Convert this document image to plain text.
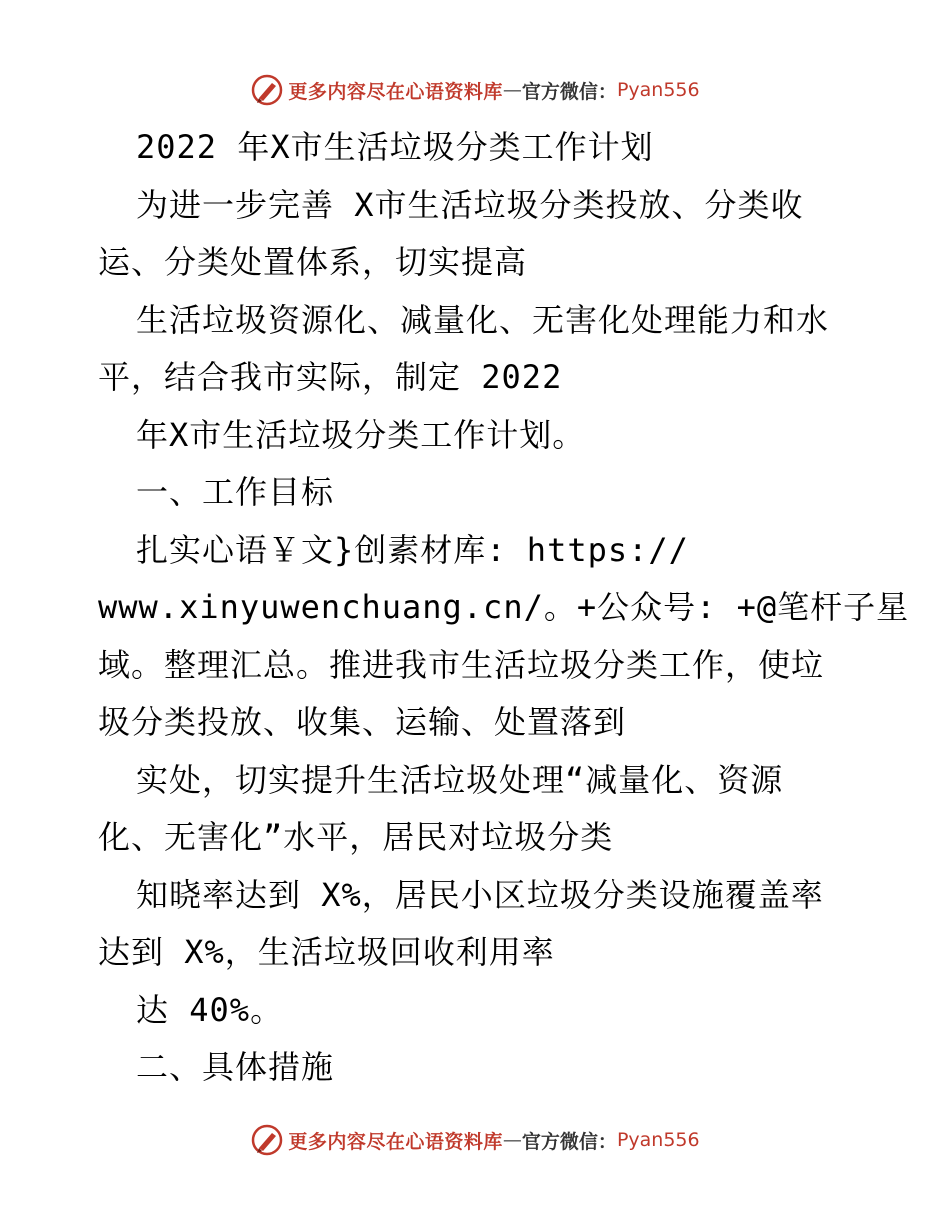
更多内容尽在心语资料库 — 官方微信： Pyan556
2022 年X市生活垃圾分类工作计划
为进一步完善 X市生活垃圾分类投放、分类收
运、分类处置体系，切实提高
生活垃圾资源化、减量化、无害化处理能力和水
平，结合我市实际，制定 2022
年X市生活垃圾分类工作计划。
一、工作目标
扎实心语￥文}创素材库: https://
www.xinyuwenchuang.cn/。+公众号: +@笔杆子星
域。整理汇总。推进我市生活垃圾分类工作，使垃
圾分类投放、收集、运输、处置落到
实处，切实提升生活垃圾处理“减量化、资源
化、无害化”水平，居民对垃圾分类
知晓率达到 X%，居民小区垃圾分类设施覆盖率
达到 X%，生活垃圾回收利用率
达 40%。
二、具体措施
更多内容尽在心语资料库 — 官方微信： Pyan556
